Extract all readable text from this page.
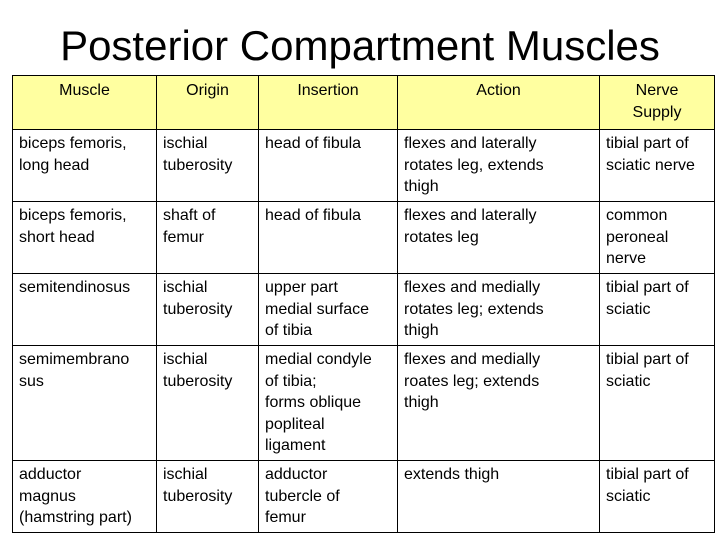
Posterior Compartment Muscles
Muscle	Origin	Insertion	Action	Nerve
Supply

biceps femoris,
long head	ischial
tuberosity	head of fibula	flexes and laterally
rotates leg, extends
thigh	tibial part of
sciatic nerve

biceps femoris,
short head	shaft of
femur	head of fibula	flexes and laterally
rotates leg	common
peroneal
nerve

semitendinosus	ischial
tuberosity	upper part
medial surface
of tibia	flexes and medially
rotates leg; extends
thigh	tibial part of
sciatic

semimembrano
sus	ischial
tuberosity	medial condyle
of tibia;
forms oblique
popliteal
ligament	flexes and medially
roates leg; extends
thigh	tibial part of
sciatic

adductor
magnus
(hamstring part)	ischial
tuberosity	adductor
tubercle of
femur	extends thigh	tibial part of
sciatic
